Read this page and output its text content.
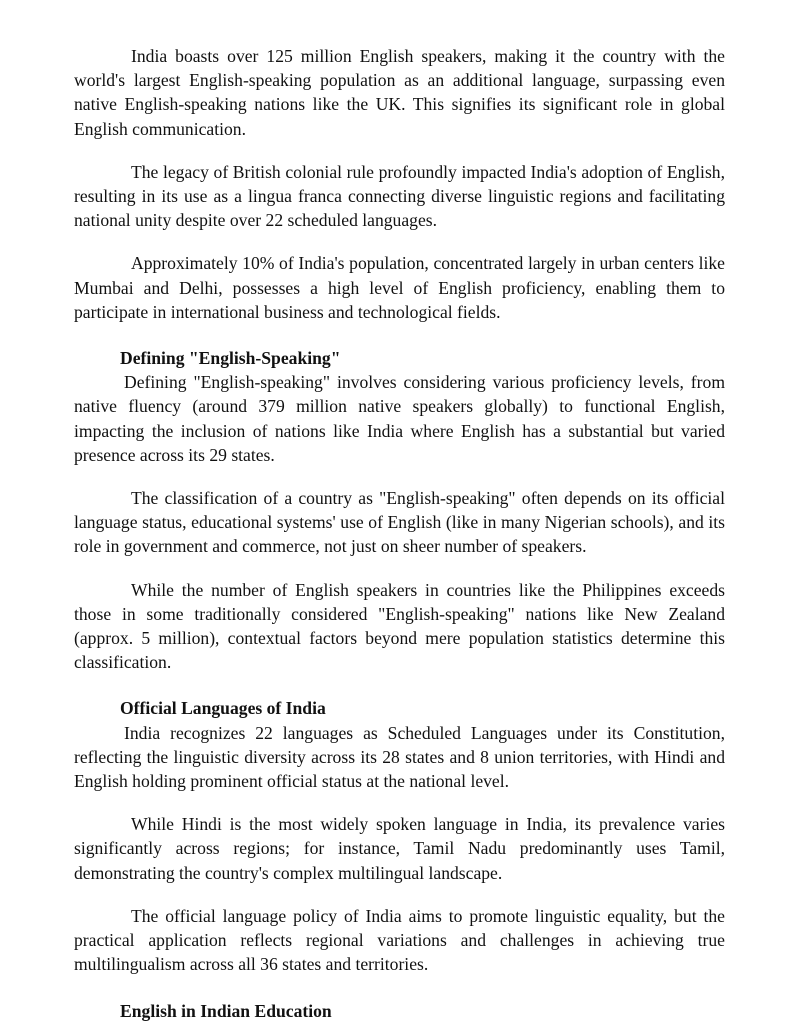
India boasts over 125 million English speakers, making it the country with the world's largest English-speaking population as an additional language, surpassing even native English-speaking nations like the UK. This signifies its significant role in global English communication.

The legacy of British colonial rule profoundly impacted India's adoption of English, resulting in its use as a lingua franca connecting diverse linguistic regions and facilitating national unity despite over 22 scheduled languages.

Approximately 10% of India's population, concentrated largely in urban centers like Mumbai and Delhi, possesses a high level of English proficiency, enabling them to participate in international business and technological fields.

Defining "English-Speaking"

Defining "English-speaking" involves considering various proficiency levels, from native fluency (around 379 million native speakers globally) to functional English, impacting the inclusion of nations like India where English has a substantial but varied presence across its 29 states.

The classification of a country as "English-speaking" often depends on its official language status, educational systems' use of English (like in many Nigerian schools), and its role in government and commerce, not just on sheer number of speakers.

While the number of English speakers in countries like the Philippines exceeds those in some traditionally considered "English-speaking" nations like New Zealand (approx. 5 million), contextual factors beyond mere population statistics determine this classification.

Official Languages of India

India recognizes 22 languages as Scheduled Languages under its Constitution, reflecting the linguistic diversity across its 28 states and 8 union territories, with Hindi and English holding prominent official status at the national level.

While Hindi is the most widely spoken language in India, its prevalence varies significantly across regions; for instance, Tamil Nadu predominantly uses Tamil, demonstrating the country's complex multilingual landscape.

The official language policy of India aims to promote linguistic equality, but the practical application reflects regional variations and challenges in achieving true multilingualism across all 36 states and territories.

English in Indian Education
